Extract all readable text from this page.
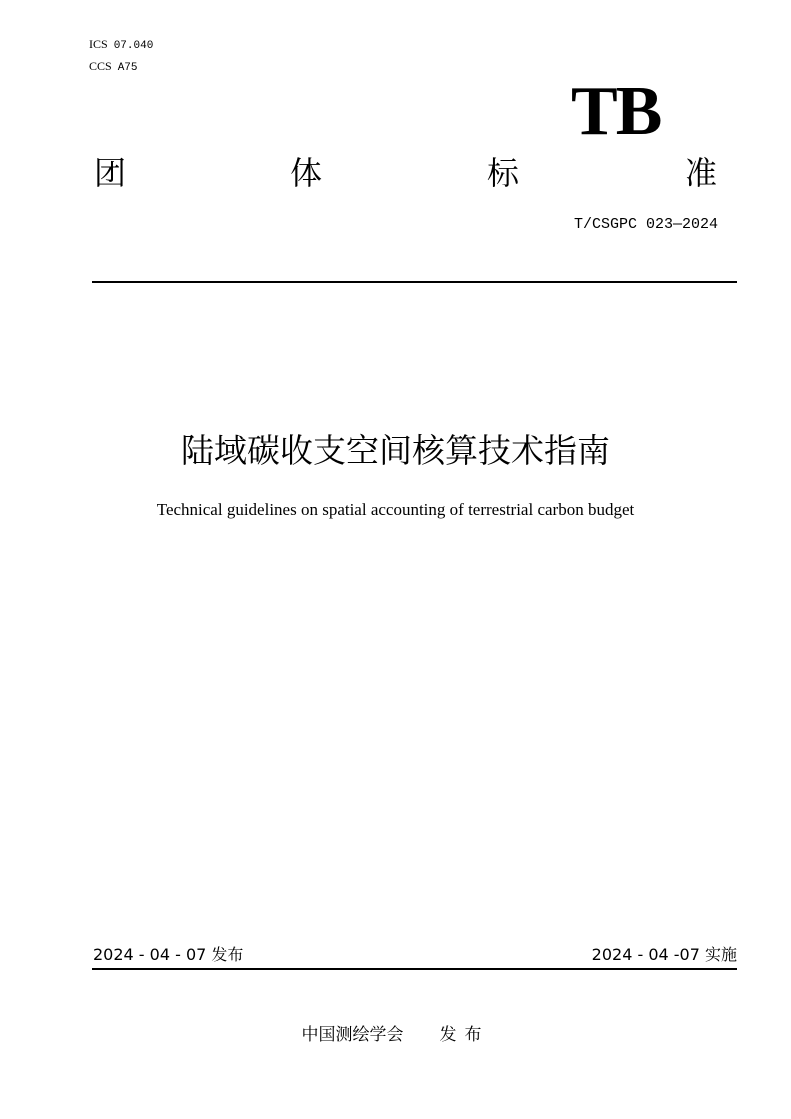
ICS 07.040
CCS A75
TB
团	体	标	准
T/CSGPC 023—2024
陆域碳收支空间核算技术指南
Technical guidelines on spatial accounting of terrestrial carbon budget
2024 - 04 - 07 发布	2024 - 04 -07 实施
中国测绘学会 发布
